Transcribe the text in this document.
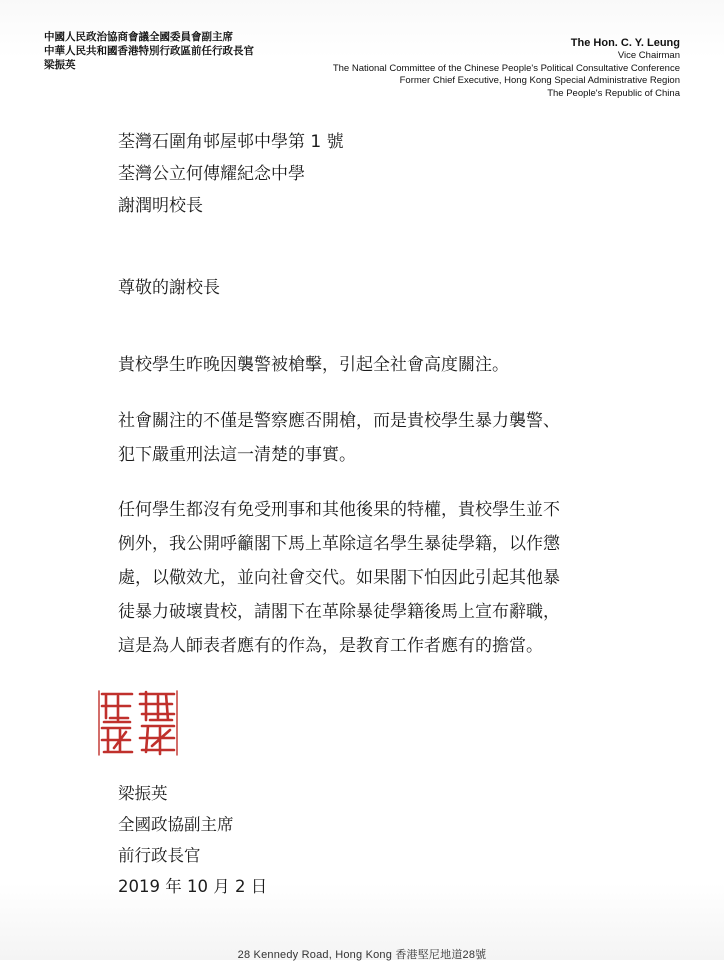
中國人民政治協商會議全國委員會副主席
中華人民共和國香港特別行政區前任行政長官
梁振英
The Hon. C. Y. Leung
Vice Chairman
The National Committee of the Chinese People's Political Consultative Conference
Former Chief Executive, Hong Kong Special Administrative Region
The People's Republic of China
荃灣石圍角邨屋邨中學第 1 號
荃灣公立何傳耀紀念中學
謝潤明校長
尊敬的謝校長
貴校學生昨晚因襲警被槍擊，引起全社會高度關注。
社會關注的不僅是警察應否開槍，而是貴校學生暴力襲警、
犯下嚴重刑法這一清楚的事實。
任何學生都沒有免受刑事和其他後果的特權，貴校學生並不
例外，我公開呼籲閣下馬上革除這名學生暴徒學籍，以作懲
處，以儆效尤，並向社會交代。如果閣下怕因此引起其他暴
徒暴力破壞貴校，請閣下在革除暴徒學籍後馬上宣布辭職，
這是為人師表者應有的作為，是教育工作者應有的擔當。
梁振英
全國政協副主席
前行政長官
2019 年 10 月 2 日
28 Kennedy Road, Hong Kong 香港堅尼地道28號
